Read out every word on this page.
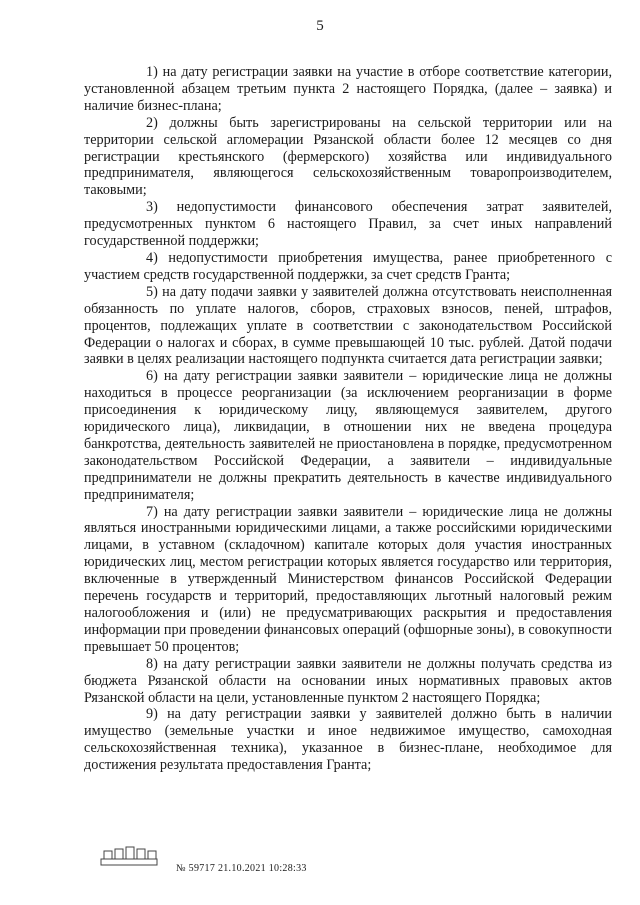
5

1) на дату регистрации заявки на участие в отборе соответствие категории, установленной абзацем третьим пункта 2 настоящего Порядка, (далее – заявка) и наличие бизнес-плана;

2) должны быть зарегистрированы на сельской территории или на территории сельской агломерации Рязанской области более 12 месяцев со дня регистрации крестьянского (фермерского) хозяйства или индивидуального предпринимателя, являющегося сельскохозяйственным товаропроизводителем, таковыми;

3) недопустимости финансового обеспечения затрат заявителей, предусмотренных пунктом 6 настоящего Правил, за счет иных направлений государственной поддержки;

4) недопустимости приобретения имущества, ранее приобретенного с участием средств государственной поддержки, за счет средств Гранта;

5) на дату подачи заявки у заявителей должна отсутствовать неисполненная обязанность по уплате налогов, сборов, страховых взносов, пеней, штрафов, процентов, подлежащих уплате в соответствии с законодательством Российской Федерации о налогах и сборах, в сумме превышающей 10 тыс. рублей. Датой подачи заявки в целях реализации настоящего подпункта считается дата регистрации заявки;

6) на дату регистрации заявки заявители – юридические лица не должны находиться в процессе реорганизации (за исключением реорганизации в форме присоединения к юридическому лицу, являющемуся заявителем, другого юридического лица), ликвидации, в отношении них не введена процедура банкротства, деятельность заявителей не приостановлена в порядке, предусмотренном законодательством Российской Федерации, а заявители – индивидуальные предприниматели не должны прекратить деятельность в качестве индивидуального предпринимателя;

7) на дату регистрации заявки заявители – юридические лица не должны являться иностранными юридическими лицами, а также российскими юридическими лицами, в уставном (складочном) капитале которых доля участия иностранных юридических лиц, местом регистрации которых является государство или территория, включенные в утвержденный Министерством финансов Российской Федерации перечень государств и территорий, предоставляющих льготный налоговый режим налогообложения и (или) не предусматривающих раскрытия и предоставления информации при проведении финансовых операций (офшорные зоны), в совокупности превышает 50 процентов;

8) на дату регистрации заявки заявители не должны получать средства из бюджета Рязанской области на основании иных нормативных правовых актов Рязанской области на цели, установленные пунктом 2 настоящего Порядка;

9) на дату регистрации заявки у заявителей должно быть в наличии имущество (земельные участки и иное недвижимое имущество, самоходная сельскохозяйственная техника), указанное в бизнес-плане, необходимое для достижения результата предоставления Гранта;

№ 59717 21.10.2021 10:28:33
